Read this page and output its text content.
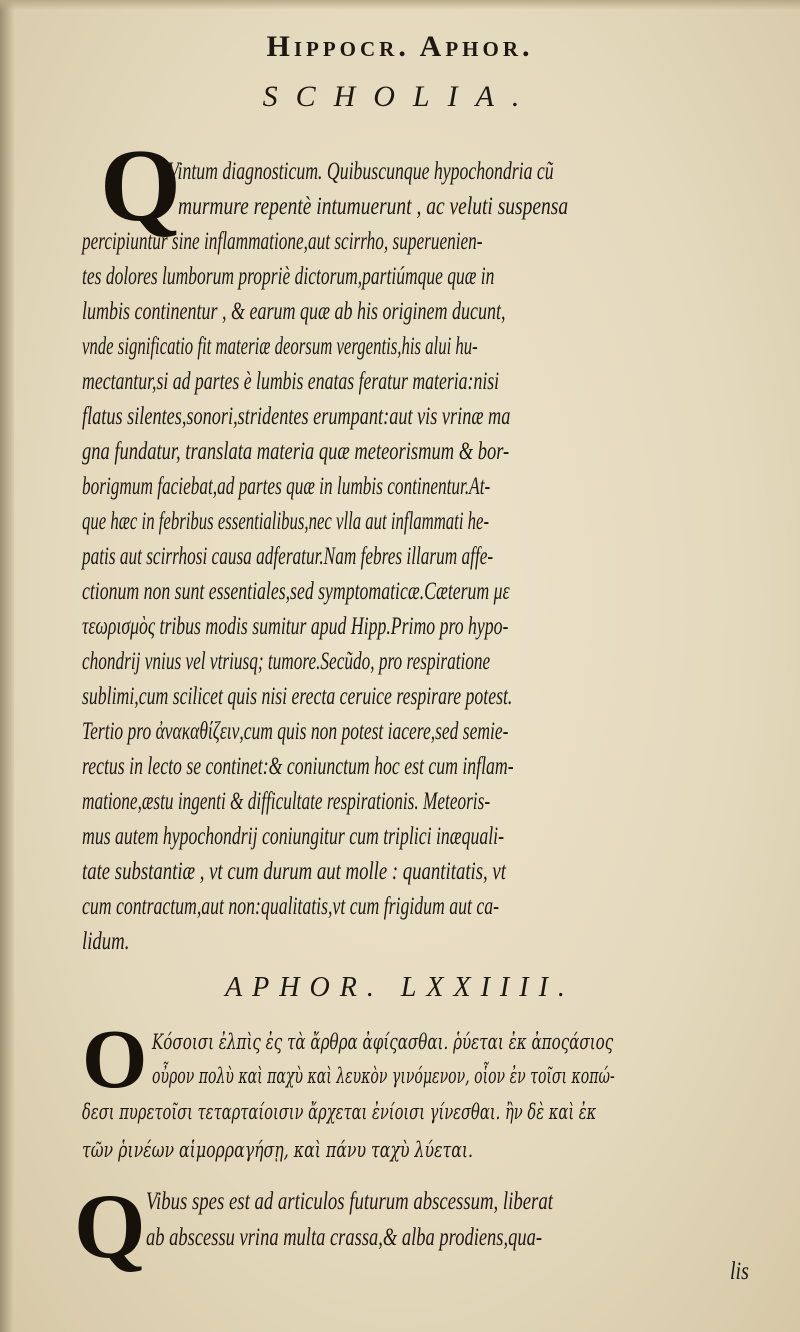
Hippocr. Aphor.
SCHOLIA.
Q
Vintum diagnosticum. Quibuscunque hypochondria cũ
murmure repentè intumuerunt , ac veluti suspensa
percipiuntur sine inflammatione,aut scirrho, superuenien-
tes dolores lumborum propriè dictorum,partiúmque quæ in
lumbis continentur , & earum quæ ab his originem ducunt,
vnde significatio fit materiæ deorsum vergentis,his alui hu-
mectantur,si ad partes è lumbis enatas feratur materia:nisi
flatus silentes,sonori,stridentes erumpant:aut vis vrinæ ma
gna fundatur, translata materia quæ meteorismum & bor-
borigmum faciebat,ad partes quæ in lumbis continentur.At-
que hæc in febribus essentialibus,nec vlla aut inflammati he-
patis aut scirrhosi causa adferatur.Nam febres illarum affe-
ctionum non sunt essentiales,sed symptomaticæ.Cæterum με
τεωρισμὸς tribus modis sumitur apud Hipp.Primo pro hypo-
chondrij vnius vel vtriusq; tumore.Secũdo, pro respiratione
sublimi,cum scilicet quis nisi erecta ceruice respirare potest.
Tertio pro ἀνακαθίζειν,cum quis non potest iacere,sed semie-
rectus in lecto se continet:& coniunctum hoc est cum inflam-
matione,æstu ingenti & difficultate respirationis. Meteoris-
mus autem hypochondrij coniungitur cum triplici inæquali-
tate substantiæ , vt cum durum aut molle : quantitatis, vt
cum contractum,aut non:qualitatis,vt cum frigidum aut ca-
lidum.
APHOR. LXXIIII.
O Κόσοισι ἐλπὶς ἐς τὰ ἄρθρα ἀφίςασθαι. ῥύεται ἐκ ἀποςάσιος
οὖρον πολὺ καὶ παχὺ καὶ λευκὸν γινόμενον, οἷον ἐν τοῖσι κοπώ-
δεσι πυρετοῖσι τεταρταίοισιν ἄρχεται ἐνίοισι γίνεσθαι. ἢν δὲ καὶ ἐκ
τῶν ῥινέων αἱμορραγήσῃ, καὶ πάνυ ταχὺ λύεται.
Q Vibus spes est ad articulos futurum abscessum, liberat
ab abscessu vrina multa crassa,& alba prodiens,qua-
lis
